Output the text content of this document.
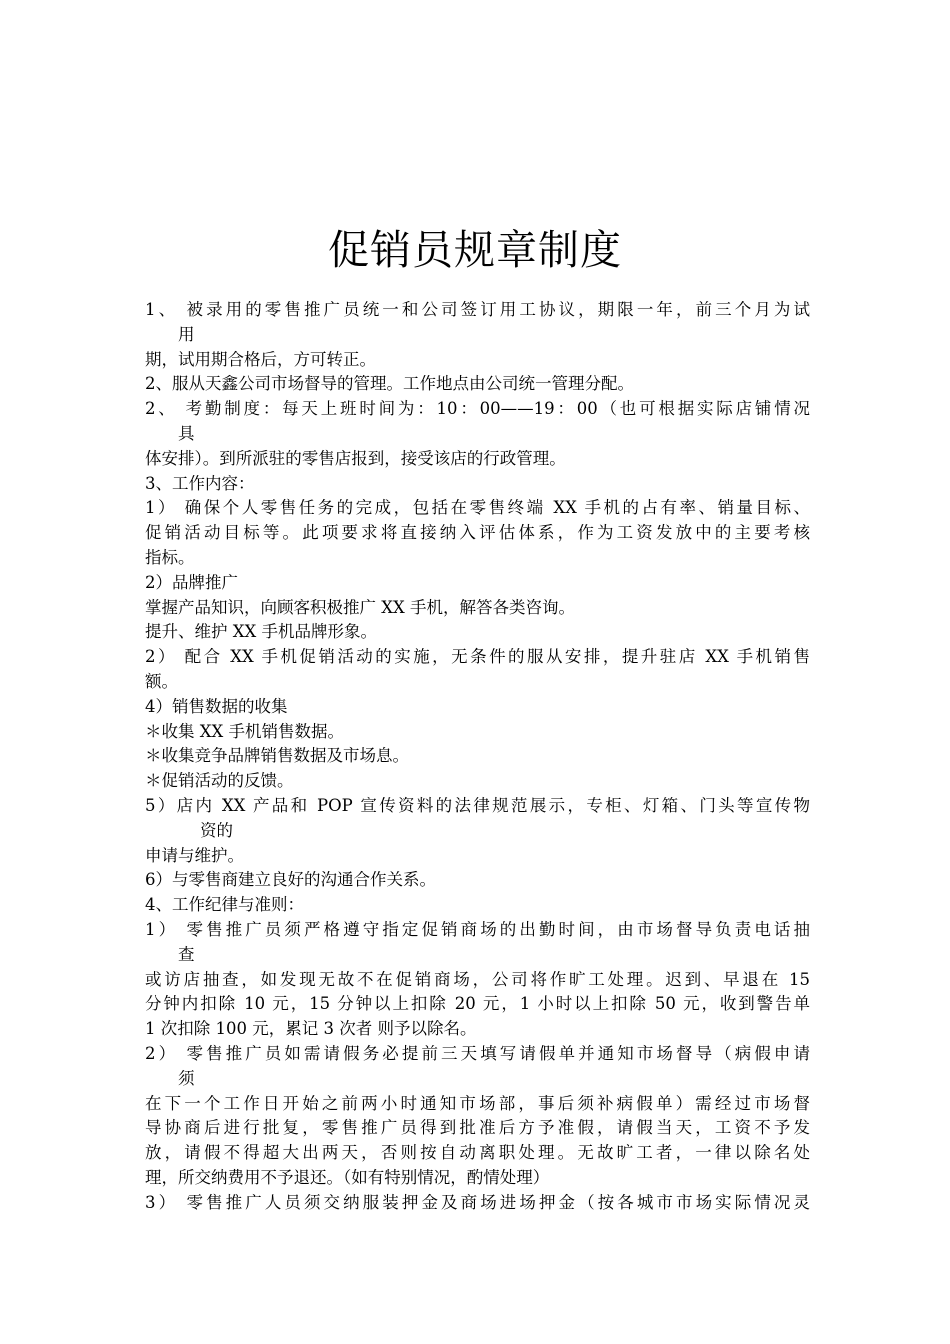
促销员规章制度
1、 被录用的零售推广员统一和公司签订用工协议，期限一年，前三个月为试
用
期，试用期合格后，方可转正。
2、服从天鑫公司市场督导的管理。工作地点由公司统一管理分配。
2、 考勤制度：每天上班时间为：10：00——19：00（也可根据实际店铺情况
具
体安排）。到所派驻的零售店报到，接受该店的行政管理。
3、工作内容：
1） 确保个人零售任务的完成，包括在零售终端 XX 手机的占有率、销量目标、
促销活动目标等。此项要求将直接纳入评估体系，作为工资发放中的主要考核
指标。
2）品牌推广
掌握产品知识，向顾客积极推广 XX 手机，解答各类咨询。
提升、维护 XX 手机品牌形象。
2） 配合 XX 手机促销活动的实施，无条件的服从安排，提升驻店 XX 手机销售
额。
4）销售数据的收集
＊收集 XX 手机销售数据。
＊收集竞争品牌销售数据及市场息。
＊促销活动的反馈。
5）店内 XX 产品和 POP 宣传资料的法律规范展示，专柜、灯箱、门头等宣传物
资的
申请与维护。
6）与零售商建立良好的沟通合作关系。
4、工作纪律与准则：
1） 零售推广员须严格遵守指定促销商场的出勤时间，由市场督导负责电话抽
查
或访店抽查，如发现无故不在促销商场，公司将作旷工处理。迟到、早退在 15
分钟内扣除 10 元，15 分钟以上扣除 20 元，1 小时以上扣除 50 元，收到警告单
1 次扣除 100 元，累记 3 次者 则予以除名。
2） 零售推广员如需请假务必提前三天填写请假单并通知市场督导（病假申请
须
在下一个工作日开始之前两小时通知市场部，事后须补病假单）需经过市场督
导协商后进行批复，零售推广员得到批准后方予准假，请假当天，工资不予发
放，请假不得超大出两天，否则按自动离职处理。无故旷工者，一律以除名处
理，所交纳费用不予退还。（如有特别情况，酌情处理）
3） 零售推广人员须交纳服装押金及商场进场押金（按各城市市场实际情况灵
